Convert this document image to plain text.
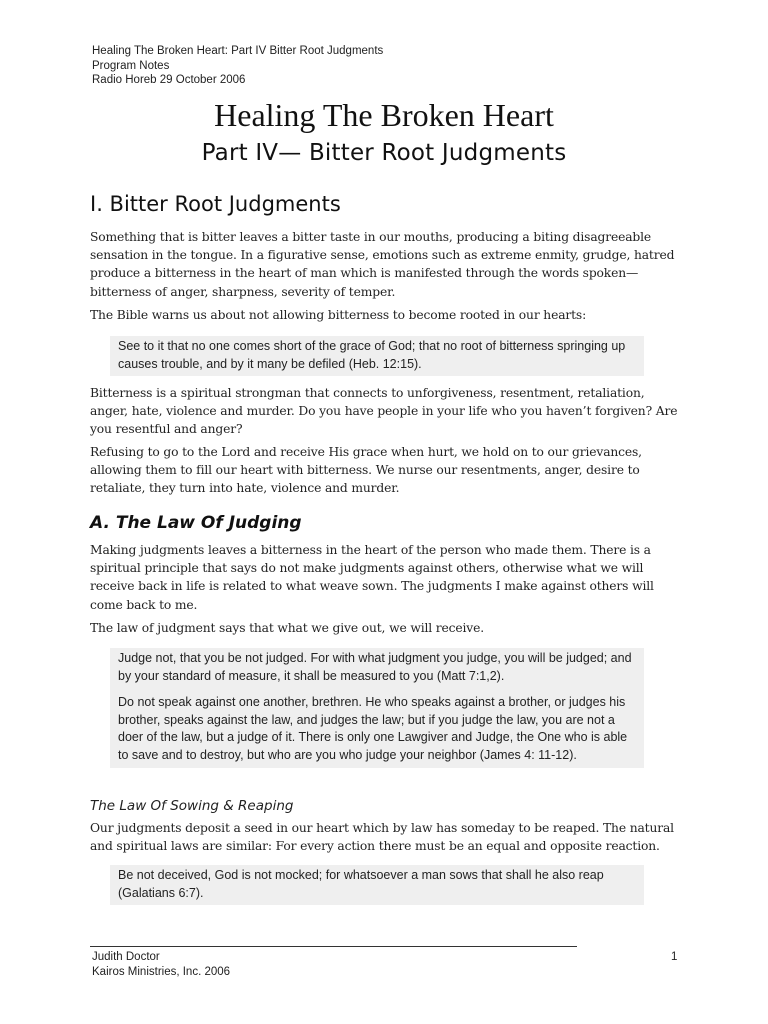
Healing The Broken Heart: Part IV Bitter Root Judgments
Program Notes
Radio Horeb 29 October 2006
Healing The Broken Heart
Part IV— Bitter Root Judgments
I. Bitter Root Judgments
Something that is bitter leaves a bitter taste in our mouths, producing a biting disagreeable sensation in the tongue. In a figurative sense, emotions such as extreme enmity, grudge, hatred produce a bitterness in the heart of man which is manifested through the words spoken—bitterness of anger, sharpness, severity of temper.
The Bible warns us about not allowing bitterness to become rooted in our hearts:

See to it that no one comes short of the grace of God; that no root of bitterness springing up causes trouble, and by it many be defiled (Heb. 12:15).

Bitterness is a spiritual strongman that connects to unforgiveness, resentment, retaliation, anger, hate, violence and murder. Do you have people in your life who you haven’t forgiven? Are you resentful and anger?
Refusing to go to the Lord and receive His grace when hurt, we hold on to our grievances, allowing them to fill our heart with bitterness. We nurse our resentments, anger, desire to retaliate, they turn into hate, violence and murder.
A. The Law Of Judging
Making judgments leaves a bitterness in the heart of the person who made them. There is a spiritual principle that says do not make judgments against others, otherwise what we will receive back in life is related to what weave sown. The judgments I make against others will come back to me.
The law of judgment says that what we give out, we will receive.

Judge not, that you be not judged. For with what judgment you judge, you will be judged; and by your standard of measure, it shall be measured to you (Matt 7:1,2).

Do not speak against one another, brethren. He who speaks against a brother, or judges his brother, speaks against the law, and judges the law; but if you judge the law, you are not a doer of the law, but a judge of it. There is only one Lawgiver and Judge, the One who is able to save and to destroy, but who are you who judge your neighbor (James 4: 11-12).

The Law Of Sowing & Reaping
Our judgments deposit a seed in our heart which by law has someday to be reaped. The natural and spiritual laws are similar: For every action there must be an equal and opposite reaction.

Be not deceived, God is not mocked; for whatsoever a man sows that shall he also reap (Galatians 6:7).

Judith Doctor
Kairos Ministries, Inc. 2006
1
